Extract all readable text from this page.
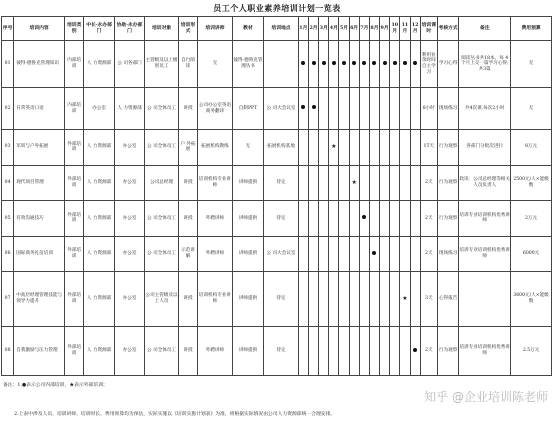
员工个人职业素养培训计划一览表
序号	培训内容	培训类别	中长·永办部门	协助·永办部门	培训对象	培训形式	培训讲师	教材	培训地点	1月	2月	3月	4月	5月	6月	7月	8月	9月	10月	11月	12月	培训课时	考核方式	备注	费用预算
01	彼得·德鲁克管理知识	内部培训	人 力资源部	公 司各部门	主管级及以上级别员工	自行阅读	无	彼得·德鲁克管理丛书														利用业余时间自主学习	学习心得	阅读丛书共18本，每 4个月上交一篇学习心得,共3篇	无
02	日常英语口语	内部培训	办公室	人 力资源部	公 司全体员工	讲授	公司办公室英语商务翻译	自制PPT	公 司大会议室													8小时	现场练习	共4次课,每次2小时	无
03	军训与户外拓展	外部培训	人 力资源部	办公室	公 司全体员工	户 外拓展	拓展机构教练	无	拓展机构基地				★									1T天	行为观察	各部门分批次进行	8万元
04	现代项目管理	外部培训	人 力资源部	办公室	公司总经理	讲授	培训机构专业讲师	讲师提供	待定						★							2天	行为观察	软讯：公司总经理等相关人员负责人	2500元/人×能级数
05	有效沟通技巧	外部培训	人 力资源部	办公室	公 司全体员工	讲授	外聘讲师	讲师提供	待定													2天	行为观察	培训专业培训机构优秀讲师	2万元
06	国际商务礼仪培训	外部培训	人 力资源部	办公室	公 司全体员工	示范讲解	外聘讲师	讲师提供	公 司大会议室													2天	现场练习	培训专业培训机构优秀讲师	6000元
07	中高层经理管理技能与领导力提升	外部培训	人 力资源部	办公室	公司主管级及以上人员	讲授	培训机构专业讲师	讲师提供	待定											★		3天	心得报告		3600元/人×能级数
08	自我激励与压力管理	外部培训	人 力资源部	办公室	公 司全体员工	讲授	外聘讲师	讲师提供	待定													2天	行为观察	培训专业培训机构优秀讲师	2.5万元
备注：1.●表示公司内部培训，★表示外部培训；
2.上表中涉及人员、培训讲师、培训时长、费用预算均为预估，实际实施以《培训实施计划表》为准，将根据实际情况由公司人力资源部统一合理安排。
知乎 @企业培训陈老师
